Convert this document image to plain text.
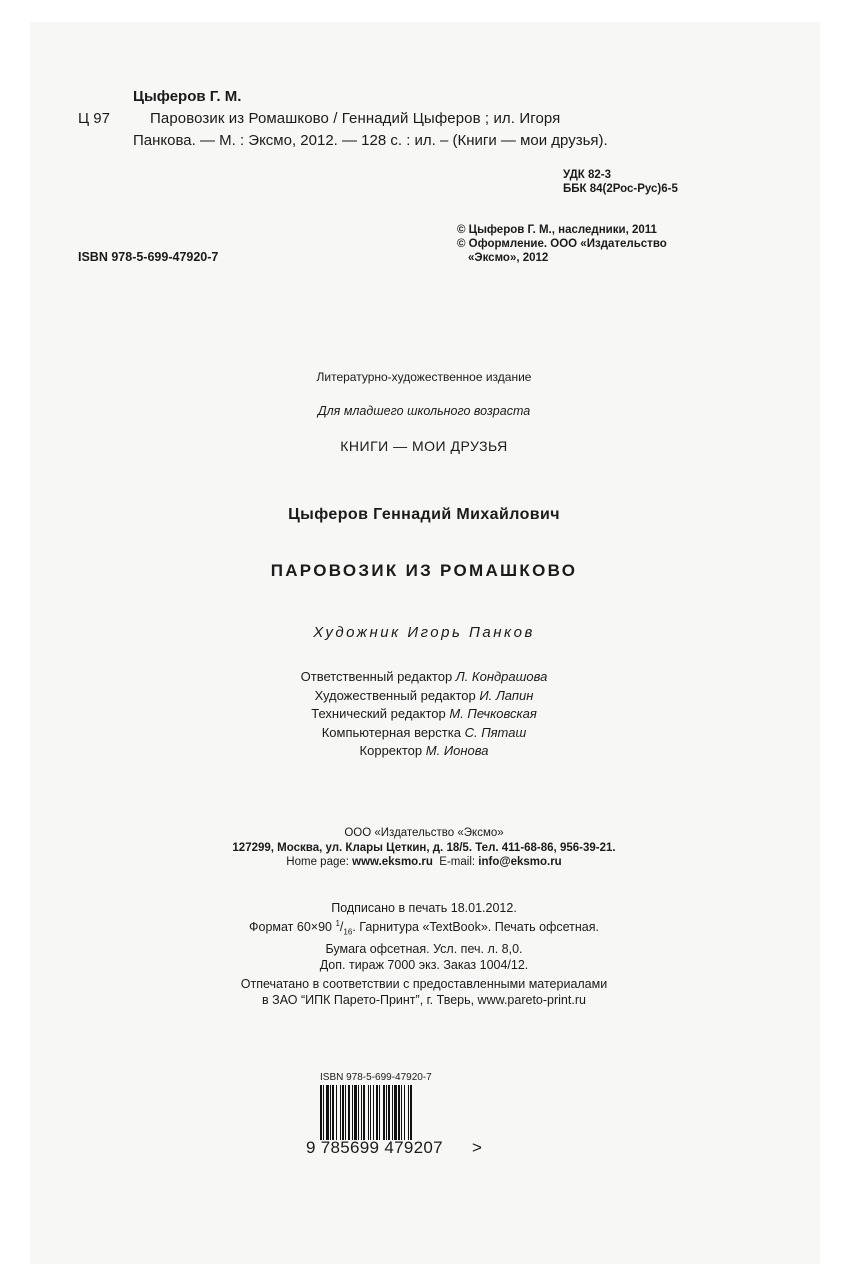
Цыферов Г. М.
Ц 97	Паровозик из Ромашково / Геннадий Цыферов ; ил. Игоря
Панкова. — М. : Эксмо, 2012. — 128 с. : ил. – (Книги — мои друзья).
УДК 82-3
ББК 84(2Рос-Рус)6-5
© Цыферов Г. М., наследники, 2011
© Оформление. ООО «Издательство
«Эксмо», 2012
ISBN 978-5-699-47920-7
Литературно-художественное издание
Для младшего школьного возраста
КНИГИ — МОИ ДРУЗЬЯ
Цыферов Геннадий Михайлович
ПАРОВОЗИК ИЗ РОМАШКОВО
Художник Игорь Панков
Ответственный редактор Л. Кондрашова
Художественный редактор И. Лапин
Технический редактор М. Печковская
Компьютерная верстка С. Пяташ
Корректор М. Ионова
ООО «Издательство «Эксмо»
127299, Москва, ул. Клары Цеткин, д. 18/5. Тел. 411-68-86, 956-39-21.
Home page: www.eksmo.ru E-mail: info@eksmo.ru
Подписано в печать 18.01.2012.
Формат 60×90 $^1/_{16}$. Гарнитура «TextBook». Печать офсетная.
Бумага офсетная. Усл. печ. л. 8,0.
Доп. тираж 7000 экз. Заказ 1004/12.
Отпечатано в соответствии с предоставленными материалами
в ЗАО “ИПК Парето-Принт”, г. Тверь, www.pareto-print.ru
ISBN 978-5-699-47920-7
9 785699 479207 >
